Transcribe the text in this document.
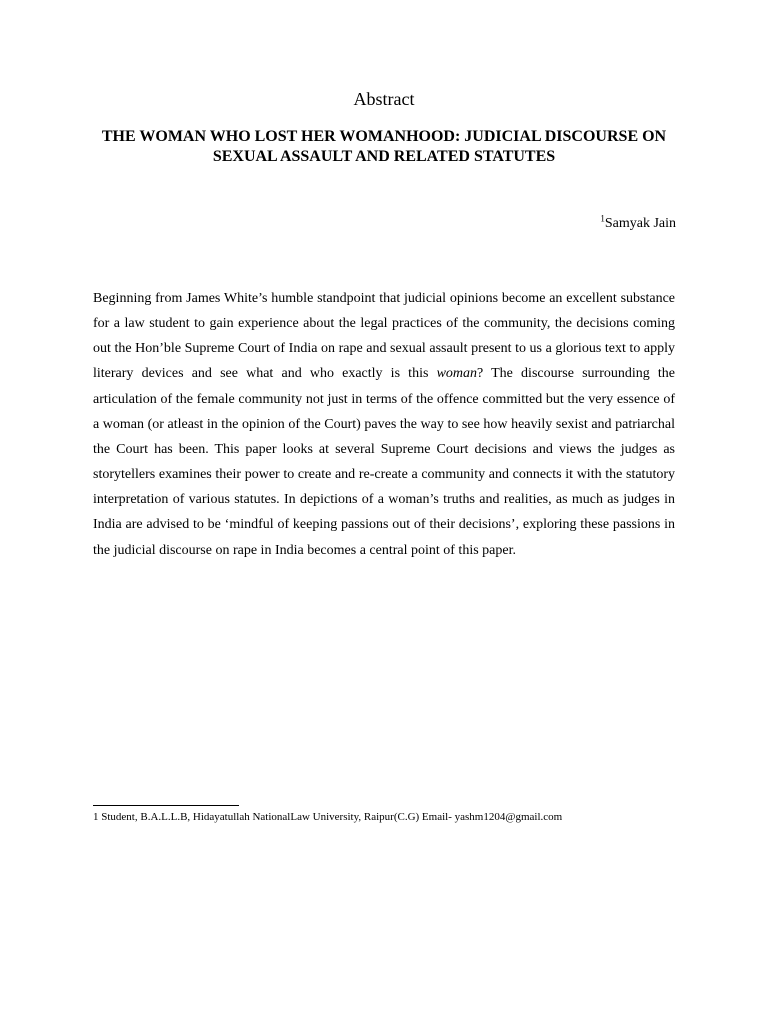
Abstract
THE WOMAN WHO LOST HER WOMANHOOD: JUDICIAL DISCOURSE ON SEXUAL ASSAULT AND RELATED STATUTES
$^1$Samyak Jain

Beginning from James White’s humble standpoint that judicial opinions become an excellent substance for a law student to gain experience about the legal practices of the community, the decisions coming out the Hon’ble Supreme Court of India on rape and sexual assault present to us a glorious text to apply literary devices and see what and who exactly is this woman? The discourse surrounding the articulation of the female community not just in terms of the offence committed but the very essence of a woman (or atleast in the opinion of the Court) paves the way to see how heavily sexist and patriarchal the Court has been. This paper looks at several Supreme Court decisions and views the judges as storytellers examines their power to create and re-create a community and connects it with the statutory interpretation of various statutes. In depictions of a woman’s truths and realities, as much as judges in India are advised to be ‘mindful of keeping passions out of their decisions’, exploring these passions in the judicial discourse on rape in India becomes a central point of this paper.

1 Student, B.A.L.L.B, Hidayatullah NationalLaw University, Raipur(C.G) Email- yashm1204@gmail.com
